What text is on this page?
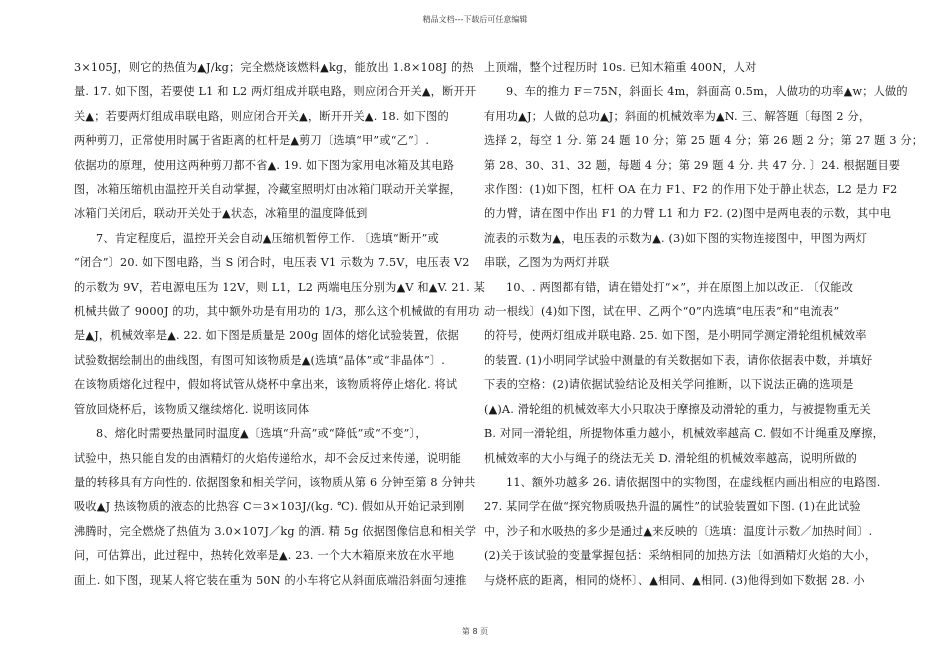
精品文档---下载后可任意编辑
3×105J，则它的热值为▲J/kg；完全燃烧该燃料▲kg，能放出 1.8×108J 的热
量. 17. 如下图，若要使 L1 和 L2 两灯组成并联电路，则应闭合开关▲，断开开
关▲；若要两灯组成串联电路，则应闭合开关▲，断开开关▲. 18. 如下图的
两种剪刀，正常使用时属于省距离的杠杆是▲剪刀〔选填“甲”或“乙”〕.
依据功的原理，使用这两种剪刀都不省▲. 19. 如下图为家用电冰箱及其电路
图，冰箱压缩机由温控开关自动掌握，冷藏室照明灯由冰箱门联动开关掌握，
冰箱门关闭后，联动开关处于▲状态，冰箱里的温度降低到
7、肯定程度后，温控开关会自动▲压缩机暂停工作. 〔选填“断开”或
“闭合”〕20. 如下图电路，当 S 闭合时，电压表 V1 示数为 7.5V，电压表 V2
的示数为 9V，若电源电压为 12V，则 L1，L2 两端电压分别为▲V 和▲V. 21. 某
机械共做了 9000J 的功，其中额外功是有用功的 1/3，那么这个机械做的有用功
是▲J，机械效率是▲. 22. 如下图是质量是 200g 固体的熔化试验装置，依据
试验数据绘制出的曲线图，有图可知该物质是▲(选填“晶体”或“非晶体”〕.
在该物质熔化过程中，假如将试管从烧杯中拿出来，该物质将停止熔化. 将试
管放回烧杯后，该物质又继续熔化. 说明该同体
8、熔化时需要热量同时温度▲〔选填“升高”或“降低”或“不变”〕，
试验中，热只能自发的由酒精灯的火焰传递给水，却不会反过来传递，说明能
量的转移具有方向性的. 依据图象和相关学问，该物质从第 6 分钟至第 8 分钟共
吸收▲J 热该物质的液态的比热容 C＝3×103J/(kg. ℃). 假如从开始记录到刚
沸腾时，完全燃烧了热值为 3.0×107J／kg 的酒. 精 5g 依据图像信息和相关学
问，可估算出，此过程中，热转化效率是▲. 23. 一个大木箱原来放在水平地
面上. 如下图，现某人将它装在重为 50N 的小车将它从斜面底端沿斜面匀速推
上顶端，整个过程历时 10s. 已知木箱重 400N，人对
9、车的推力 F＝75N，斜面长 4m，斜面高 0.5m，人做功的功率▲w；人做的
有用功▲J；人做的总功▲J；斜面的机械效率为▲N. 三、解答题〔每图 2 分，
选择 2，每空 1 分. 第 24 题 10 分；第 25 题 4 分；第 26 题 2 分；第 27 题 3 分；
第 28、30、31、32 题，每题 4 分；第 29 题 4 分. 共 47 分. 〕24. 根据题目要
求作图：(1)如下图，杠杆 OA 在力 F1、F2 的作用下处于静止状态，L2 是力 F2
的力臂，请在图中作出 F1 的力臂 L1 和力 F2. (2)图中是两电表的示数，其中电
流表的示数为▲，电压表的示数为▲. (3)如下图的实物连接图中，甲图为两灯
串联，乙图为为两灯并联
10、. 两图都有错，请在错处打“×”，并在原图上加以改正. 〔仅能改
动一根线〕(4)如下图，试在甲、乙两个“0”内选填“电压表”和“电流表”
的符号，使两灯组成并联电路. 25. 如下图，是小明同学测定滑轮组机械效率
的装置. (1)小明同学试验中测量的有关数据如下表，请你依据表中数，并填好
下表的空格：(2)请依据试验结论及相关学问推断，以下说法正确的选项是
(▲)A. 滑轮组的机械效率大小只取决于摩擦及动滑轮的重力，与被提物重无关
B. 对同一滑轮组，所提物体重力越小，机械效率越高 C. 假如不计绳重及摩擦，
机械效率的大小与绳子的绕法无关 D. 滑轮组的机械效率越高，说明所做的
11、额外功越多 26. 请依据图中的实物图，在虚线框内画出相应的电路图.
27. 某同学在做“探究物质吸热升温的属性”的试验装置如下图. (1)在此试验
中，沙子和水吸热的多少是通过▲来反映的〔选填：温度计示数／加热时间〕.
(2)关于该试验的变量掌握包括：采纳相同的加热方法〔如酒精灯火焰的大小，
与烧杯底的距离，相同的烧杯〕、▲相同、▲相同. (3)他得到如下数据 28. 小
第 8 页
